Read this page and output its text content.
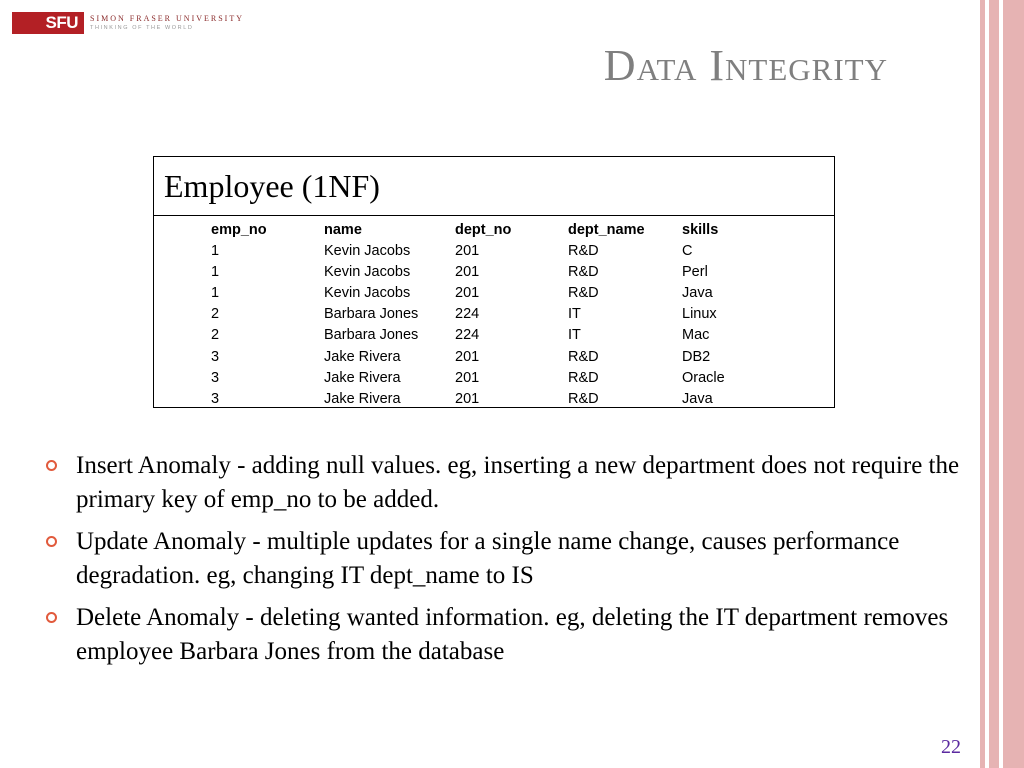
SFU	SIMON FRASER UNIVERSITY
THINKING OF THE WORLD
Data Integrity
Employee (1NF)
emp_no	name	dept_no	dept_name	skills
1	Kevin Jacobs	201	R&D	C
1	Kevin Jacobs	201	R&D	Perl
1	Kevin Jacobs	201	R&D	Java
2	Barbara Jones	224	IT	Linux
2	Barbara Jones	224	IT	Mac
3	Jake Rivera	201	R&D	DB2
3	Jake Rivera	201	R&D	Oracle
3	Jake Rivera	201	R&D	Java
Insert Anomaly - adding null values. eg, inserting a new department does not require the primary key of emp_no to be added.
Update Anomaly - multiple updates for a single name change, causes performance degradation. eg, changing IT dept_name to IS
Delete Anomaly - deleting wanted information. eg, deleting the IT department removes employee Barbara Jones from the database
22
